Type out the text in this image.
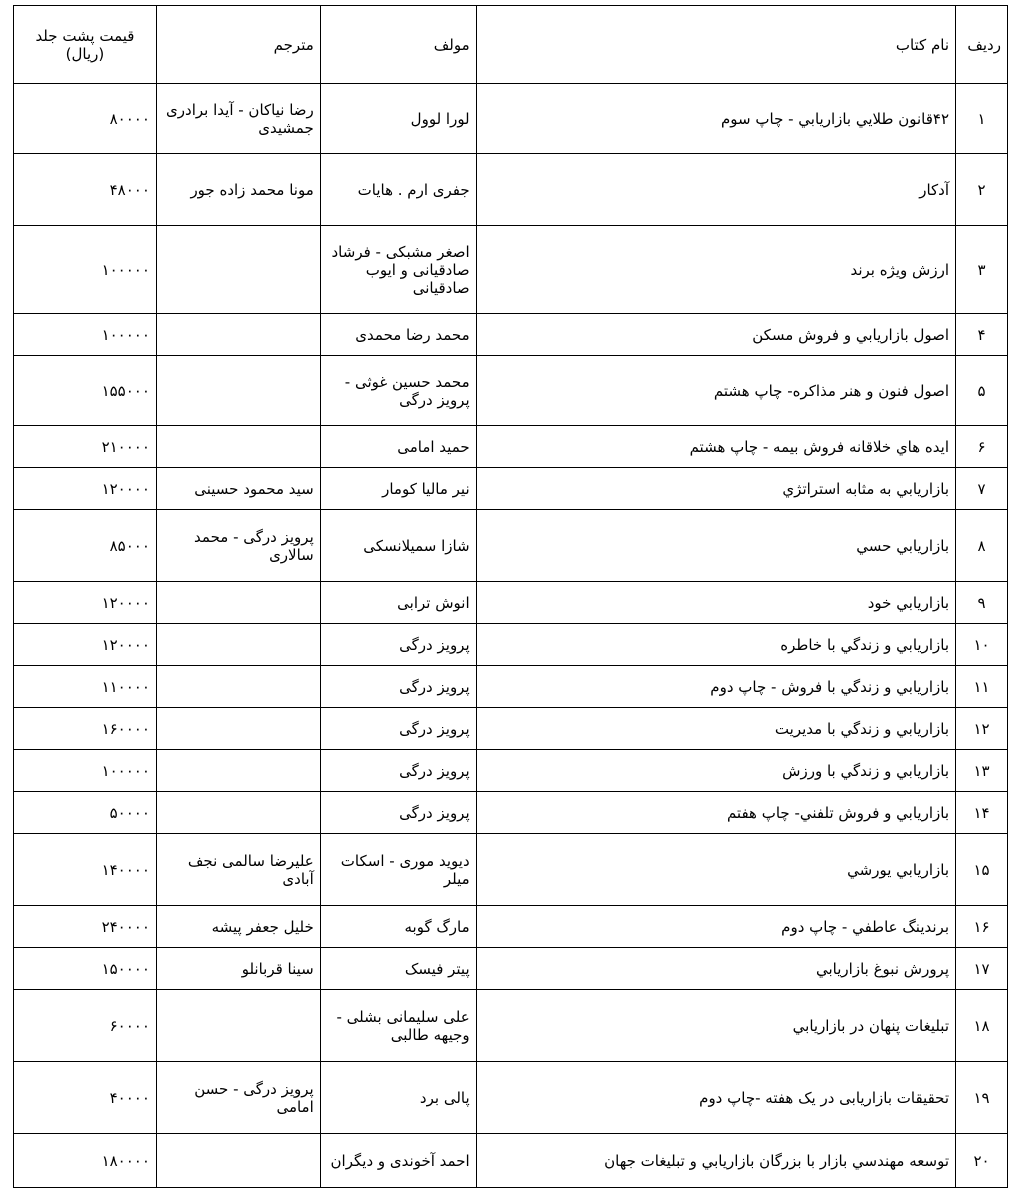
ردیف	نام کتاب	مولف	مترجم	قیمت پشت جلد (ریال)
۱	۴۲قانون طلايي بازاريابي - چاپ سوم	لورا لوول	رضا نیاکان - آیدا برادری جمشیدی	۸۰۰۰۰
۲	آدکار	جفری ارم . هایات	مونا محمد زاده جور	۴۸۰۰۰
۳	ارزش ویژه برند	اصغر مشبکی - فرشاد صادقیانی و ایوب صادقیانی		۱۰۰۰۰۰
۴	اصول بازاريابي و فروش مسكن	محمد رضا محمدی		۱۰۰۰۰۰
۵	اصول فنون و هنر مذاکره- چاپ هشتم	محمد حسین غوثی - پرویز درگی		۱۵۵۰۰۰
۶	ايده هاي خلاقانه فروش بيمه - چاپ هشتم	حمید امامی		۲۱۰۰۰۰
۷	بازاريابي به مثابه استراتژي	نیر مالیا کومار	سید محمود حسینی	۱۲۰۰۰۰
۸	بازاريابي حسي	شازا سمیلانسکی	پرویز درگی - محمد سالاری	۸۵۰۰۰
۹	بازاريابي خود	انوش ترابی		۱۲۰۰۰۰
۱۰	بازاريابي و زندگي با خاطره	پرویز درگی		۱۲۰۰۰۰
۱۱	بازاريابي و زندگي با فروش - چاپ دوم	پرویز درگی		۱۱۰۰۰۰
۱۲	بازاريابي و زندگي با مديريت	پرویز درگی		۱۶۰۰۰۰
۱۳	بازاريابي و زندگي با ورزش	پرویز درگی		۱۰۰۰۰۰
۱۴	بازاريابي و فروش تلفني- چاپ هفتم	پرویز درگی		۵۰۰۰۰
۱۵	بازاريابي يورشي	دیوید موری - اسکات میلر	علیرضا سالمی نجف آبادی	۱۴۰۰۰۰
۱۶	برندينگ عاطفي - چاپ دوم	مارگ گوبه	خلیل جعفر پیشه	۲۴۰۰۰۰
۱۷	پرورش نبوغ بازاريابي	پیتر فیسک	سینا قربانلو	۱۵۰۰۰۰
۱۸	تبليغات پنهان در بازاريابي	علی سلیمانی بشلی - وجیهه طالبی		۶۰۰۰۰
۱۹	تحقیقات بازاریابی در یک هفته -چاپ دوم	پالی برد	پرویز درگی - حسن امامی	۴۰۰۰۰
۲۰	توسعه مهندسي بازار با بزرگان بازاريابي و تبليغات جهان	احمد آخوندی و دیگران		۱۸۰۰۰۰
